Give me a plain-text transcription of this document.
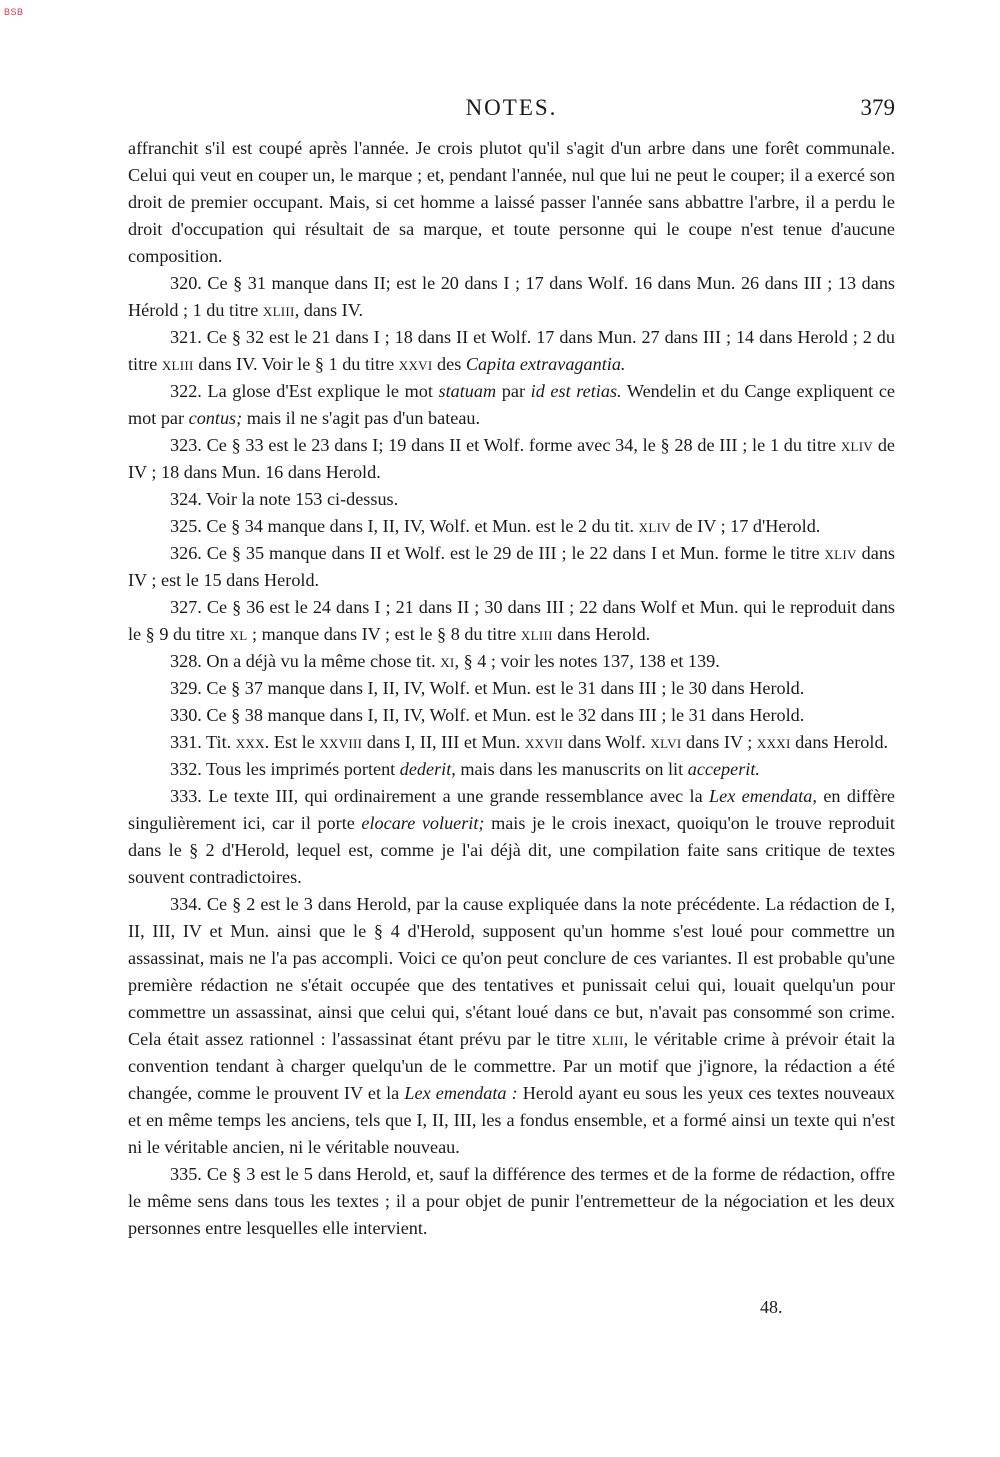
BSB
NOTES.	379

affranchit s'il est coupé après l'année. Je crois plutot qu'il s'agit d'un arbre dans une forêt communale. Celui qui veut en couper un, le marque ; et, pendant l'année, nul que lui ne peut le couper; il a exercé son droit de premier occupant. Mais, si cet homme a laissé passer l'année sans abbattre l'arbre, il a perdu le droit d'occupation qui résultait de sa marque, et toute personne qui le coupe n'est tenue d'aucune composition.

320. Ce § 31 manque dans II; est le 20 dans I ; 17 dans Wolf. 16 dans Mun. 26 dans III ; 13 dans Hérold ; 1 du titre xliii, dans IV.

321. Ce § 32 est le 21 dans I ; 18 dans II et Wolf. 17 dans Mun. 27 dans III ; 14 dans Herold ; 2 du titre xliii dans IV. Voir le § 1 du titre xxvi des Capita extravagantia.

322. La glose d'Est explique le mot statuam par id est retias. Wendelin et du Cange expliquent ce mot par contus; mais il ne s'agit pas d'un bateau.

323. Ce § 33 est le 23 dans I; 19 dans II et Wolf. forme avec 34, le § 28 de III ; le 1 du titre xliv de IV ; 18 dans Mun. 16 dans Herold.

324. Voir la note 153 ci-dessus.

325. Ce § 34 manque dans I, II, IV, Wolf. et Mun. est le 2 du tit. xliv de IV ; 17 d'Herold.

326. Ce § 35 manque dans II et Wolf. est le 29 de III ; le 22 dans I et Mun. forme le titre xliv dans IV ; est le 15 dans Herold.

327. Ce § 36 est le 24 dans I ; 21 dans II ; 30 dans III ; 22 dans Wolf et Mun. qui le reproduit dans le § 9 du titre xl ; manque dans IV ; est le § 8 du titre xliii dans Herold.

328. On a déjà vu la même chose tit. xi, § 4 ; voir les notes 137, 138 et 139.

329. Ce § 37 manque dans I, II, IV, Wolf. et Mun. est le 31 dans III ; le 30 dans Herold.

330. Ce § 38 manque dans I, II, IV, Wolf. et Mun. est le 32 dans III ; le 31 dans Herold.

331. Tit. xxx. Est le xxviii dans I, II, III et Mun. xxvii dans Wolf. xlvi dans IV ; xxxi dans Herold.

332. Tous les imprimés portent dederit, mais dans les manuscrits on lit acceperit.

333. Le texte III, qui ordinairement a une grande ressemblance avec la Lex emendata, en diffère singulièrement ici, car il porte elocare voluerit; mais je le crois inexact, quoiqu'on le trouve reproduit dans le § 2 d'Herold, lequel est, comme je l'ai déjà dit, une compilation faite sans critique de textes souvent contradictoires.

334. Ce § 2 est le 3 dans Herold, par la cause expliquée dans la note précédente. La rédaction de I, II, III, IV et Mun. ainsi que le § 4 d'Herold, supposent qu'un homme s'est loué pour commettre un assassinat, mais ne l'a pas accompli. Voici ce qu'on peut conclure de ces variantes. Il est probable qu'une première rédaction ne s'était occupée que des tentatives et punissait celui qui, louait quelqu'un pour commettre un assassinat, ainsi que celui qui, s'étant loué dans ce but, n'avait pas consommé son crime. Cela était assez rationnel : l'assassinat étant prévu par le titre xliii, le véritable crime à prévoir était la convention tendant à charger quelqu'un de le commettre. Par un motif que j'ignore, la rédaction a été changée, comme le prouvent IV et la Lex emendata : Herold ayant eu sous les yeux ces textes nouveaux et en même temps les anciens, tels que I, II, III, les a fondus ensemble, et a formé ainsi un texte qui n'est ni le véritable ancien, ni le véritable nouveau.

335. Ce § 3 est le 5 dans Herold, et, sauf la différence des termes et de la forme de rédaction, offre le même sens dans tous les textes ; il a pour objet de punir l'entremetteur de la négociation et les deux personnes entre lesquelles elle intervient.

48.
